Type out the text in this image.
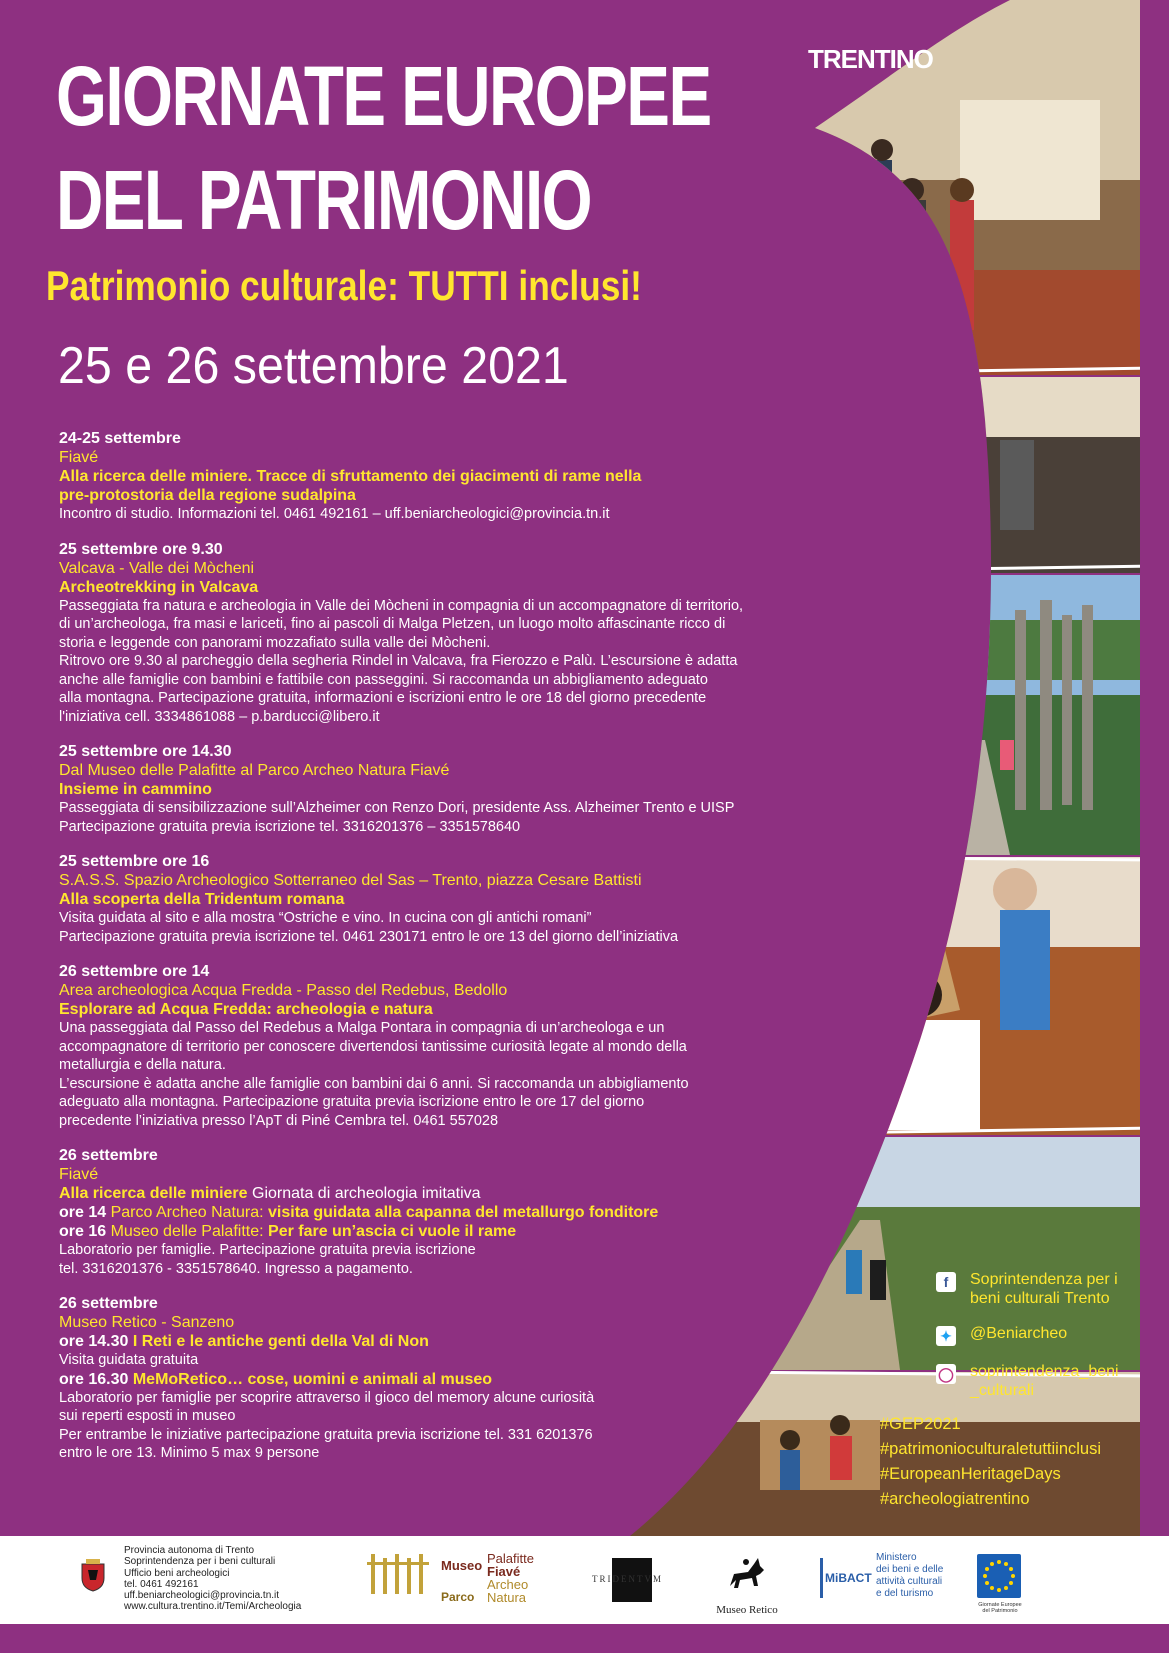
TRENTINO
GIORNATE EUROPEE
DEL PATRIMONIO
Patrimonio culturale: TUTTI inclusi!
25 e 26 settembre 2021
24-25 settembre
Fiavé
Alla ricerca delle miniere. Tracce di sfruttamento dei giacimenti di rame nella
pre-protostoria della regione sudalpina
Incontro di studio. Informazioni tel. 0461 492161 – uff.beniarcheologici@provincia.tn.it
25 settembre ore 9.30
Valcava - Valle dei Mòcheni
Archeotrekking in Valcava
Passeggiata fra natura e archeologia in Valle dei Mòcheni in compagnia di un accompagnatore di territorio,
di un’archeologa, fra masi e lariceti, fino ai pascoli di Malga Pletzen, un luogo molto affascinante ricco di
storia e leggende con panorami mozzafiato sulla valle dei Mòcheni.
Ritrovo ore 9.30 al parcheggio della segheria Rindel in Valcava, fra Fierozzo e Palù. L’escursione è adatta
anche alle famiglie con bambini e fattibile con passeggini. Si raccomanda un abbigliamento adeguato
alla montagna. Partecipazione gratuita, informazioni e iscrizioni entro le ore 18 del giorno precedente
l'iniziativa cell. 3334861088 – p.barducci@libero.it
25 settembre ore 14.30
Dal Museo delle Palafitte al Parco Archeo Natura Fiavé
Insieme in cammino
Passeggiata di sensibilizzazione sull’Alzheimer con Renzo Dori, presidente Ass. Alzheimer Trento e UISP
Partecipazione gratuita previa iscrizione tel. 3316201376 – 3351578640
25 settembre ore 16
S.A.S.S. Spazio Archeologico Sotterraneo del Sas – Trento, piazza Cesare Battisti
Alla scoperta della Tridentum romana
Visita guidata al sito e alla mostra “Ostriche e vino. In cucina con gli antichi romani”
Partecipazione gratuita previa iscrizione tel. 0461 230171 entro le ore 13 del giorno dell’iniziativa
26 settembre ore 14
Area archeologica Acqua Fredda - Passo del Redebus, Bedollo
Esplorare ad Acqua Fredda: archeologia e natura
Una passeggiata dal Passo del Redebus a Malga Pontara in compagnia di un’archeologa e un
accompagnatore di territorio per conoscere divertendosi tantissime curiosità legate al mondo della
metallurgia e della natura.
L’escursione è adatta anche alle famiglie con bambini dai 6 anni. Si raccomanda un abbigliamento
adeguato alla montagna. Partecipazione gratuita previa iscrizione entro le ore 17 del giorno
precedente l’iniziativa presso l’ApT di Piné Cembra tel. 0461 557028
26 settembre
Fiavé
Alla ricerca delle miniere Giornata di archeologia imitativa
ore 14 Parco Archeo Natura: visita guidata alla capanna del metallurgo fonditore
ore 16 Museo delle Palafitte: Per fare un’ascia ci vuole il rame
Laboratorio per famiglie. Partecipazione gratuita previa iscrizione
tel. 3316201376 - 3351578640. Ingresso a pagamento.
26 settembre
Museo Retico - Sanzeno
ore 14.30 I Reti e le antiche genti della Val di Non
Visita guidata gratuita
ore 16.30 MeMoRetico… cose, uomini e animali al museo
Laboratorio per famiglie per scoprire attraverso il gioco del memory alcune curiosità
sui reperti esposti in museo
Per entrambe le iniziative partecipazione gratuita previa iscrizione tel. 331 6201376
entro le ore 13. Minimo 5 max 9 persone
f	Soprintendenza per i
beni culturali Trento
✦ @Beniarcheo
◯ soprintendenza_beni
_culturali
#GEP2021
#patrimonioculturaletuttiinclusi
#EuropeanHeritageDays
#archeologiatrentino
Provincia autonoma di Trento
Soprintendenza per i beni culturali
Ufficio beni archeologici
tel. 0461 492161
uff.beniarcheologici@provincia.tn.it
www.cultura.trentino.it/Temi/Archeologia
Museo
Parco
Palafitte
Fiavé
Archeo
Natura
TRIDENTVM
Museo Retico
MiBACT
Ministero
dei beni e delle
attività culturali
e del turismo
Giornate Europee
del Patrimonio
